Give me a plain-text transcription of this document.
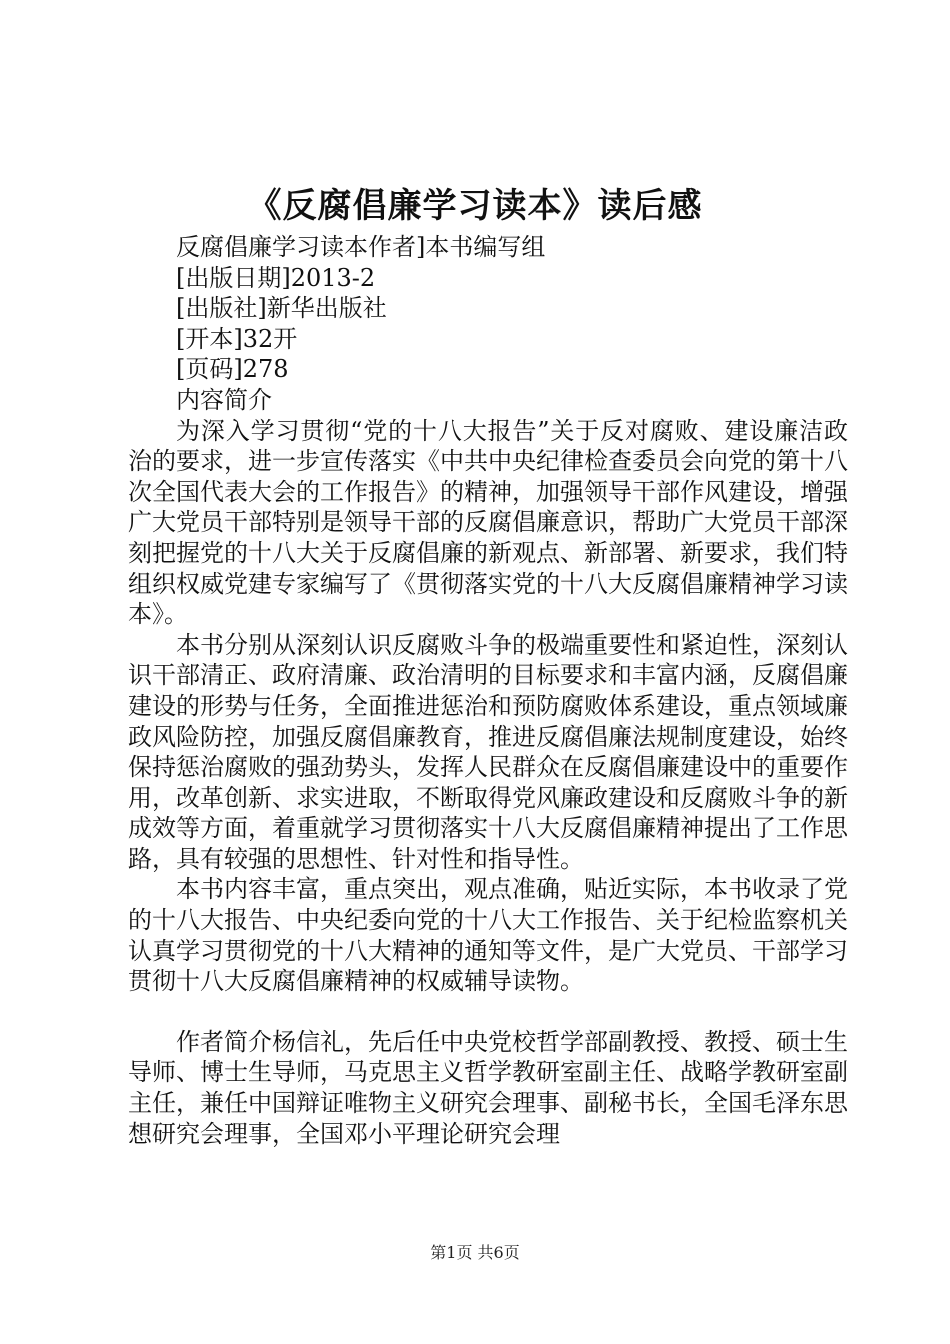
《反腐倡廉学习读本》读后感

反腐倡廉学习读本作者]本书编写组

[出版日期]2013-2

[出版社]新华出版社

[开本]32开

[页码]278

内容简介

为深入学习贯彻“党的十八大报告”关于反对腐败、建设廉洁政治的要求，进一步宣传落实《中共中央纪律检查委员会向党的第十八次全国代表大会的工作报告》的精神，加强领导干部作风建设，增强广大党员干部特别是领导干部的反腐倡廉意识，帮助广大党员干部深刻把握党的十八大关于反腐倡廉的新观点、新部署、新要求，我们特组织权威党建专家编写了《贯彻落实党的十八大反腐倡廉精神学习读本》。

本书分别从深刻认识反腐败斗争的极端重要性和紧迫性，深刻认识干部清正、政府清廉、政治清明的目标要求和丰富内涵，反腐倡廉建设的形势与任务，全面推进惩治和预防腐败体系建设，重点领域廉政风险防控，加强反腐倡廉教育，推进反腐倡廉法规制度建设，始终保持惩治腐败的强劲势头，发挥人民群众在反腐倡廉建设中的重要作用，改革创新、求实进取，不断取得党风廉政建设和反腐败斗争的新成效等方面，着重就学习贯彻落实十八大反腐倡廉精神提出了工作思路，具有较强的思想性、针对性和指导性。

本书内容丰富，重点突出，观点准确，贴近实际，本书收录了党的十八大报告、中央纪委向党的十八大工作报告、关于纪检监察机关认真学习贯彻党的十八大精神的通知等文件，是广大党员、干部学习贯彻十八大反腐倡廉精神的权威辅导读物。

作者简介杨信礼，先后任中央党校哲学部副教授、教授、硕士生导师、博士生导师，马克思主义哲学教研室副主任、战略学教研室副主任，兼任中国辩证唯物主义研究会理事、副秘书长，全国毛泽东思想研究会理事，全国邓小平理论研究会理

第1页 共6页
